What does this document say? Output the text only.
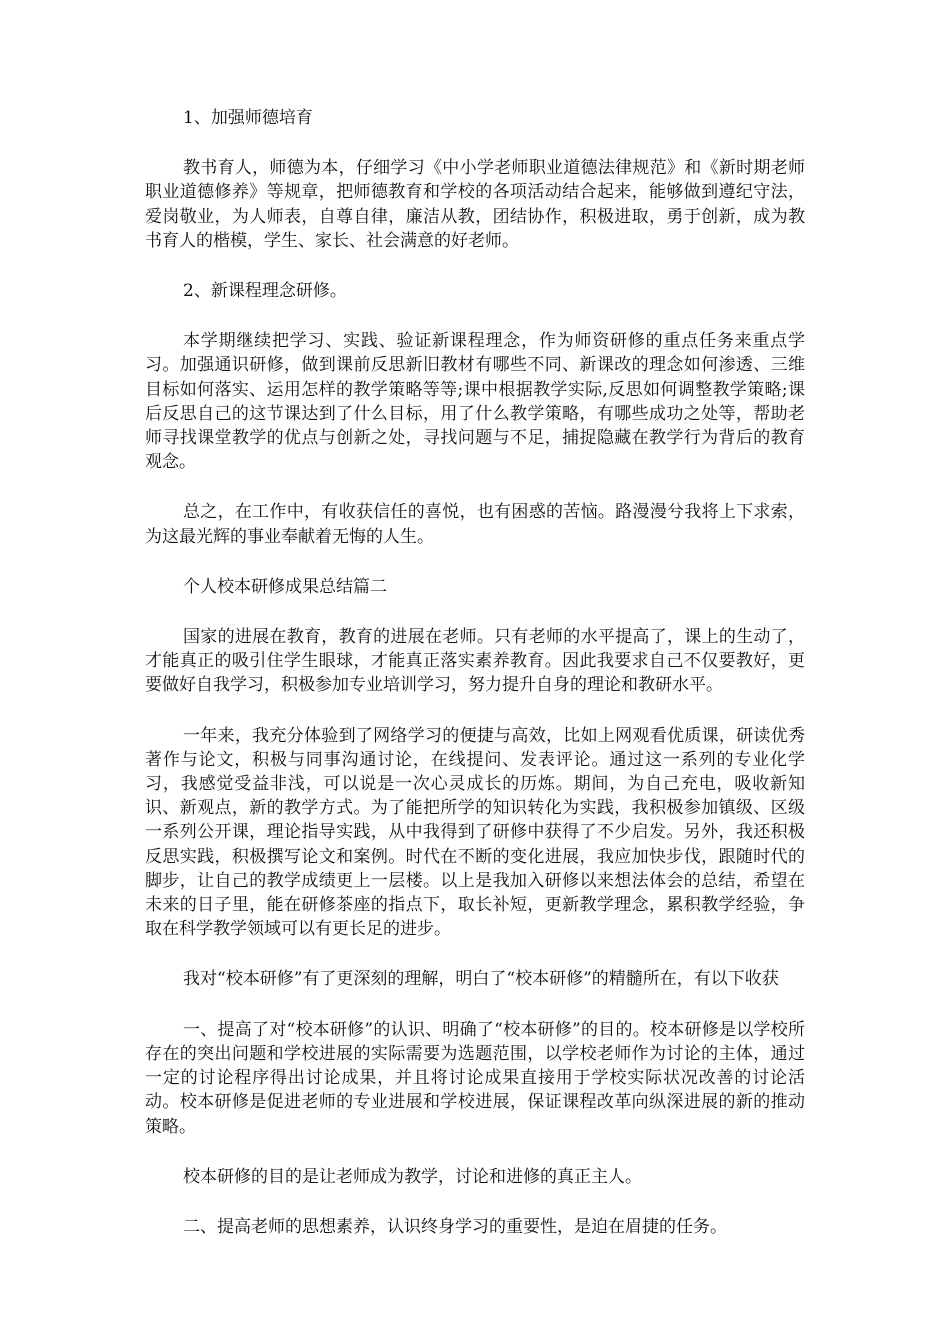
1、加强师德培育

教书育人，师德为本，仔细学习《中小学老师职业道德法律规范》和《新时期老师职业道德修养》等规章，把师德教育和学校的各项活动结合起来，能够做到遵纪守法，爱岗敬业，为人师表，自尊自律，廉洁从教，团结协作，积极进取，勇于创新，成为教书育人的楷模，学生、家长、社会满意的好老师。

2、新课程理念研修。

本学期继续把学习、实践、验证新课程理念，作为师资研修的重点任务来重点学习。加强通识研修，做到课前反思新旧教材有哪些不同、新课改的理念如何渗透、三维目标如何落实、运用怎样的教学策略等等;课中根据教学实际,反思如何调整教学策略;课后反思自己的这节课达到了什么目标，用了什么教学策略，有哪些成功之处等，帮助老师寻找课堂教学的优点与创新之处，寻找问题与不足，捕捉隐藏在教学行为背后的教育观念。

总之，在工作中，有收获信任的喜悦，也有困惑的苦恼。路漫漫兮我将上下求索，为这最光辉的事业奉献着无悔的人生。

个人校本研修成果总结篇二

国家的进展在教育，教育的进展在老师。只有老师的水平提高了，课上的生动了，才能真正的吸引住学生眼球，才能真正落实素养教育。因此我要求自己不仅要教好，更要做好自我学习，积极参加专业培训学习，努力提升自身的理论和教研水平。

一年来，我充分体验到了网络学习的便捷与高效，比如上网观看优质课，研读优秀著作与论文，积极与同事沟通讨论，在线提问、发表评论。通过这一系列的专业化学习，我感觉受益非浅，可以说是一次心灵成长的历炼。期间，为自己充电，吸收新知识、新观点，新的教学方式。为了能把所学的知识转化为实践，我积极参加镇级、区级一系列公开课，理论指导实践，从中我得到了研修中获得了不少启发。另外，我还积极反思实践，积极撰写论文和案例。时代在不断的变化进展，我应加快步伐，跟随时代的脚步，让自己的教学成绩更上一层楼。以上是我加入研修以来想法体会的总结，希望在未来的日子里，能在研修茶座的指点下，取长补短，更新教学理念，累积教学经验，争取在科学教学领域可以有更长足的进步。

我对“校本研修”有了更深刻的理解，明白了“校本研修”的精髓所在，有以下收获

一、提高了对“校本研修”的认识、明确了“校本研修”的目的。校本研修是以学校所存在的突出问题和学校进展的实际需要为选题范围，以学校老师作为讨论的主体，通过一定的讨论程序得出讨论成果，并且将讨论成果直接用于学校实际状况改善的讨论活动。校本研修是促进老师的专业进展和学校进展，保证课程改革向纵深进展的新的推动策略。

校本研修的目的是让老师成为教学，讨论和进修的真正主人。

二、提高老师的思想素养，认识终身学习的重要性，是迫在眉捷的任务。
